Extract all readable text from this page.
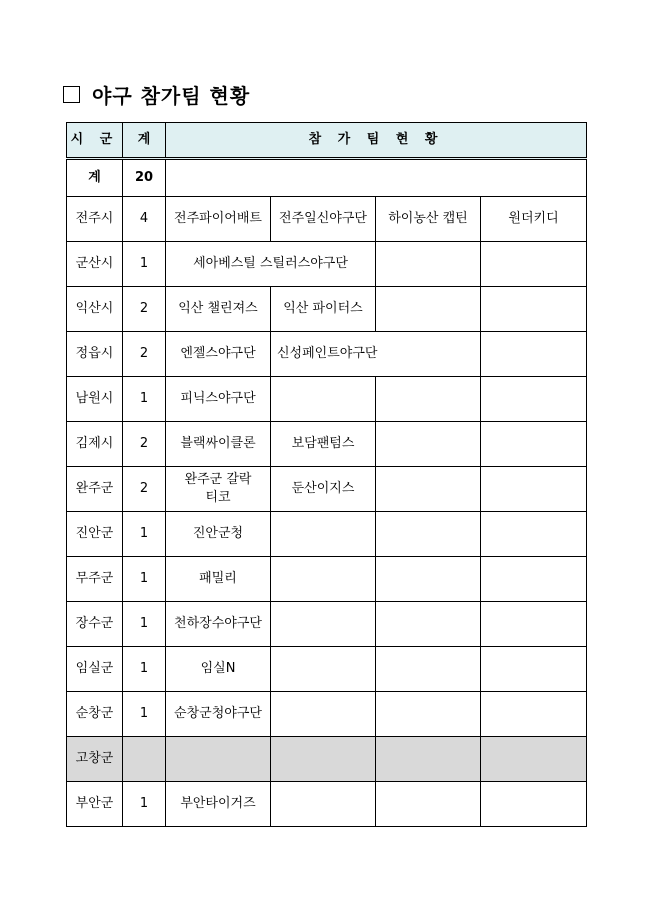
야구 참가팀 현황
시 군	계	참 가 팀 현 황			
계	20				
전주시	4	전주파이어배트	전주일신야구단	하이농산 캡틴	원더키디
군산시	1	세아베스틸 스틸러스야구단			
익산시	2	익산 챌린져스	익산 파이터스		
정읍시	2	엔젤스야구단	신성페인트야구단		
남원시	1	피닉스야구단			
김제시	2	블랙싸이클론	보담팬텀스		
완주군	2	완주군 갈락티코	둔산이지스		
진안군	1	진안군청			
무주군	1	패밀리			
장수군	1	천하장수야구단			
임실군	1	임실N			
순창군	1	순창군청야구단			
고창군					
부안군	1	부안타이거즈			
